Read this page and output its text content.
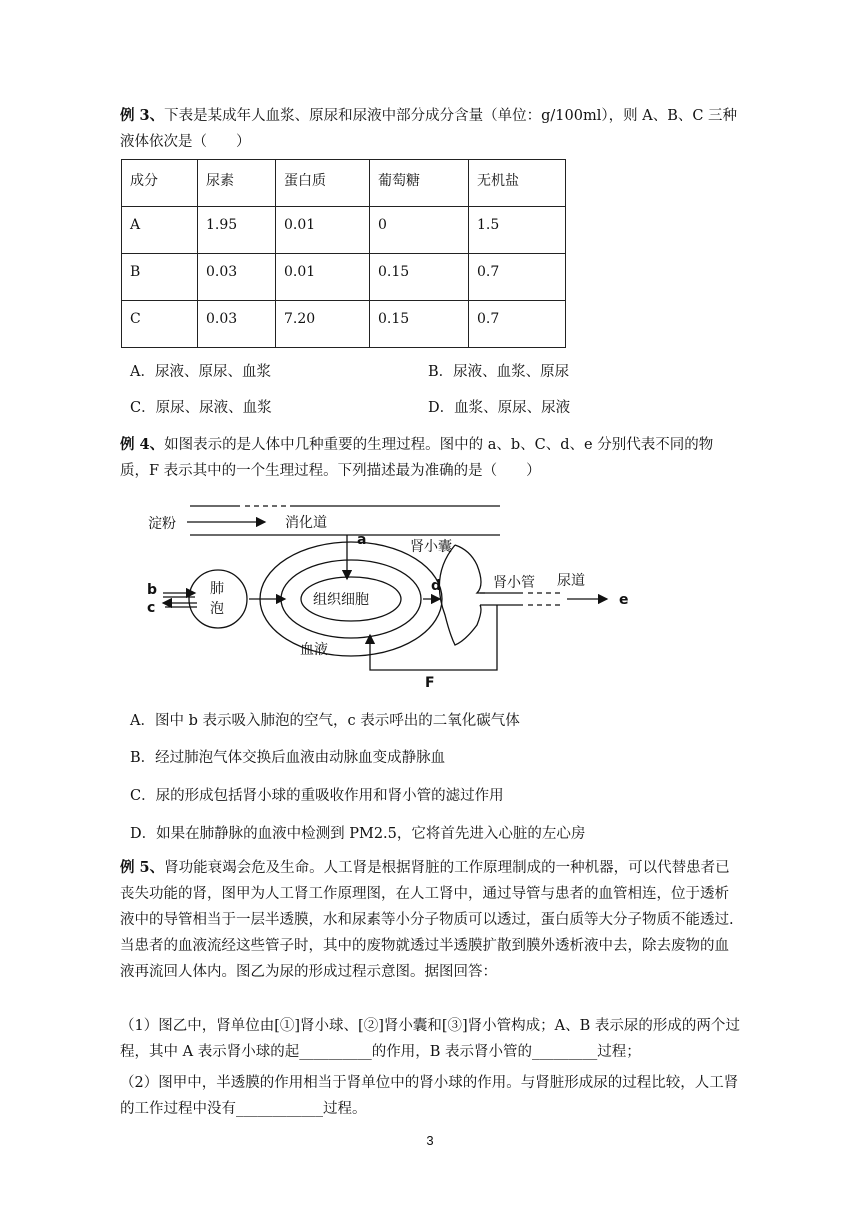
例 3、下表是某成年人血浆、原尿和尿液中部分成分含量（单位：g/100ml），则 A、B、C 三种液体依次是（　　）

成分	尿素	蛋白质	葡萄糖	无机盐
A	1.95	0.01	0	1.5
B	0.03	0.01	0.15	0.7
C	0.03	7.20	0.15	0.7
A．尿液、原尿、血浆	B．尿液、血浆、原尿
C．原尿、尿液、血浆	D．血浆、原尿、尿液

例 4、如图表示的是人体中几种重要的生理过程。图中的 a、b、C、d、e 分别代表不同的物质，F 表示其中的一个生理过程。下列描述最为准确的是（　　）

淀粉	消化道
a	肾小囊
b
c
肺
泡
组织细胞
d	肾小管 尿道
e
血液
F
A．图中 b 表示吸入肺泡的空气，c 表示呼出的二氧化碳气体
B．经过肺泡气体交换后血液由动脉血变成静脉血
C．尿的形成包括肾小球的重吸收作用和肾小管的滤过作用
D．如果在肺静脉的血液中检测到 PM2.5，它将首先进入心脏的左心房

例 5、肾功能衰竭会危及生命。人工肾是根据肾脏的工作原理制成的一种机器，可以代替患者已丧失功能的肾，图甲为人工肾工作原理图，在人工肾中，通过导管与患者的血管相连，位于透析液中的导管相当于一层半透膜，水和尿素等小分子物质可以透过，蛋白质等大分子物质不能透过.当患者的血液流经这些管子时，其中的废物就透过半透膜扩散到膜外透析液中去，除去废物的血液再流回人体内。图乙为尿的形成过程示意图。据图回答：

（1）图乙中，肾单位由[①]肾小球、[②]肾小囊和[③]肾小管构成；A、B 表示尿的形成的两个过程，其中 A 表示肾小球的起__________的作用，B 表示肾小管的_________过程；

（2）图甲中，半透膜的作用相当于肾单位中的肾小球的作用。与肾脏形成尿的过程比较，人工肾的工作过程中没有____________过程。

3
